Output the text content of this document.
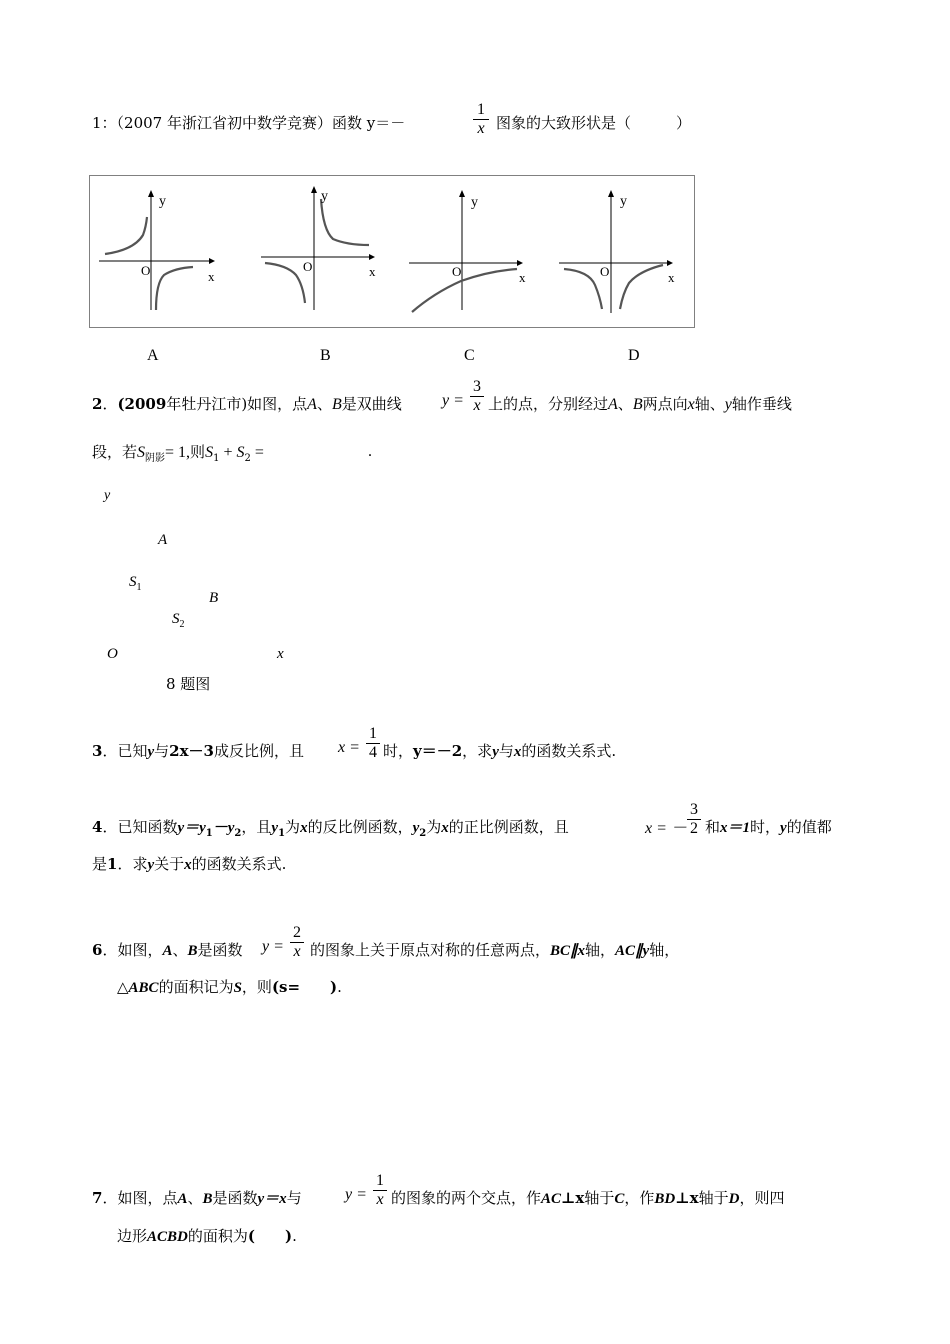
1：（2007 年浙江省初中数学竞赛）函数 y＝－
1
x 图象的大致形状是（　　　）
y
O	x
y
O	x
y
O	x
y
O	x
A	B	C	D
2．(2009年牡丹江市)如图，点A、B是双曲线	y =
3
x 上的点，分别经过A、B两点向x轴、y轴作垂线
段，若$S_{阴影}= 1$,则$S_1 + S_2$ =	.
y
A
$S_1$
B
$S_2$
O	x
8 题图
3．已知y与2x－3成反比例，且 x =
1
4 时，y＝－2，求y与x的函数关系式.
4．已知函数$y=y_1-y_2$，且$y_1$为x的反比例函数，$y_2$为x的正比例函数，且	x = －
3
2 和x＝1时，y的值都
是1．求y关于x的函数关系式.
6．如图，A、B是函数 y =
2
x 的图象上关于原点对称的任意两点，BC∥x轴，AC∥y轴，
△ABC的面积记为S，则(s=　　).
7．如图，点A、B是函数y＝x与	y =
1
x 的图象的两个交点，作AC⊥x轴于C，作BD⊥x轴于D，则四
边形ACBD的面积为(　　).
